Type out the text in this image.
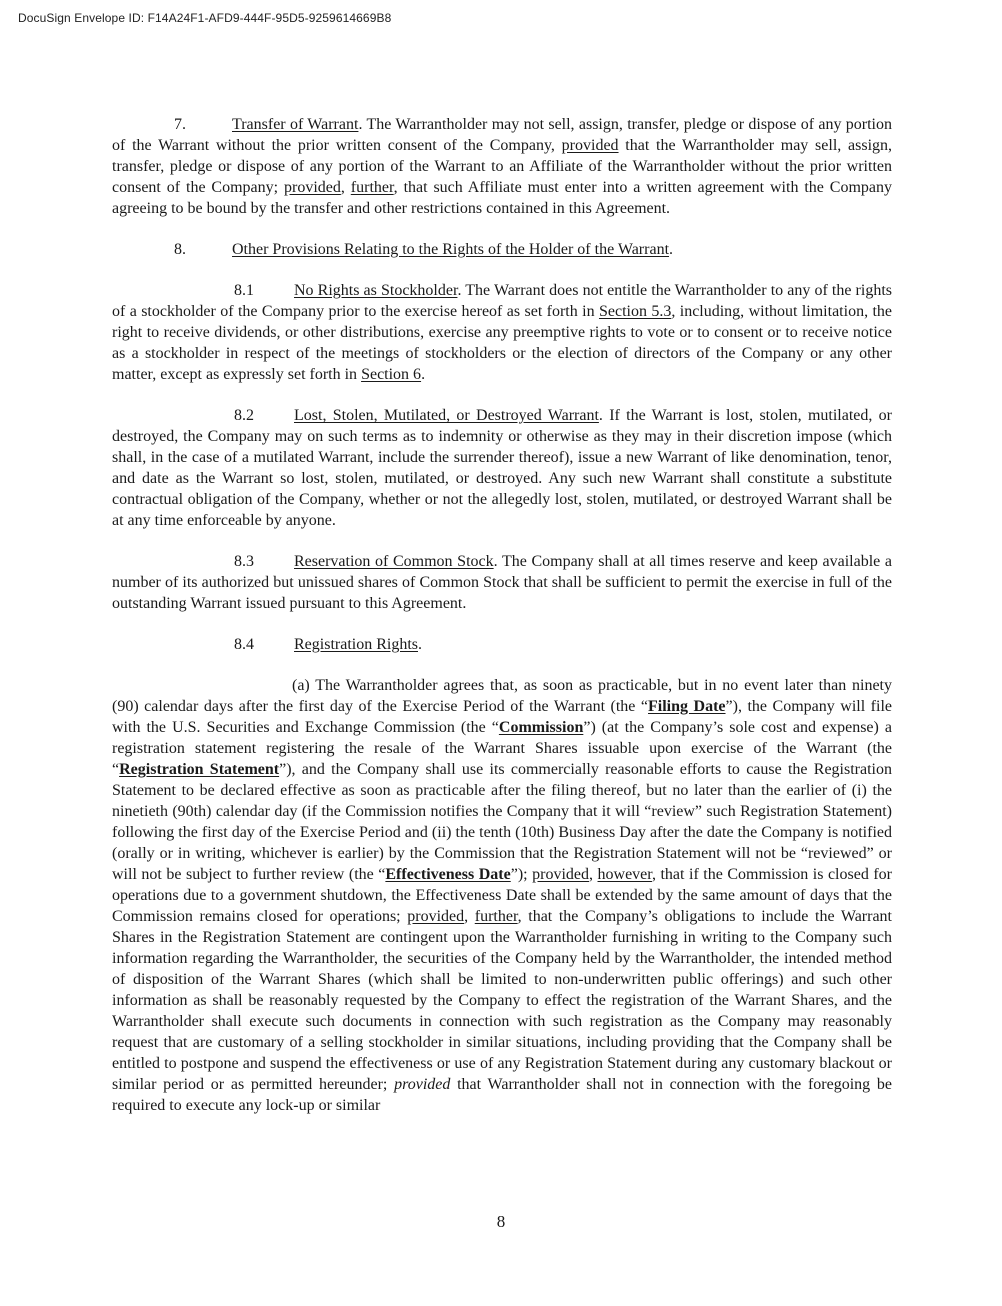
DocuSign Envelope ID: F14A24F1-AFD9-444F-95D5-9259614669B8

7.	Transfer of Warrant. The Warrantholder may not sell, assign, transfer, pledge or dispose of any portion of the Warrant without the prior written consent of the Company, provided that the Warrantholder may sell, assign, transfer, pledge or dispose of any portion of the Warrant to an Affiliate of the Warrantholder without the prior written consent of the Company; provided, further, that such Affiliate must enter into a written agreement with the Company agreeing to be bound by the transfer and other restrictions contained in this Agreement.

8.	Other Provisions Relating to the Rights of the Holder of the Warrant.

8.1	No Rights as Stockholder. The Warrant does not entitle the Warrantholder to any of the rights of a stockholder of the Company prior to the exercise hereof as set forth in Section 5.3, including, without limitation, the right to receive dividends, or other distributions, exercise any preemptive rights to vote or to consent or to receive notice as a stockholder in respect of the meetings of stockholders or the election of directors of the Company or any other matter, except as expressly set forth in Section 6.

8.2	Lost, Stolen, Mutilated, or Destroyed Warrant. If the Warrant is lost, stolen, mutilated, or destroyed, the Company may on such terms as to indemnity or otherwise as they may in their discretion impose (which shall, in the case of a mutilated Warrant, include the surrender thereof), issue a new Warrant of like denomination, tenor, and date as the Warrant so lost, stolen, mutilated, or destroyed. Any such new Warrant shall constitute a substitute contractual obligation of the Company, whether or not the allegedly lost, stolen, mutilated, or destroyed Warrant shall be at any time enforceable by anyone.

8.3	Reservation of Common Stock. The Company shall at all times reserve and keep available a number of its authorized but unissued shares of Common Stock that shall be sufficient to permit the exercise in full of the outstanding Warrant issued pursuant to this Agreement.

8.4	Registration Rights.

(a) The Warrantholder agrees that, as soon as practicable, but in no event later than ninety (90) calendar days after the first day of the Exercise Period of the Warrant (the “Filing Date”), the Company will file with the U.S. Securities and Exchange Commission (the “Commission”) (at the Company’s sole cost and expense) a registration statement registering the resale of the Warrant Shares issuable upon exercise of the Warrant (the “Registration Statement”), and the Company shall use its commercially reasonable efforts to cause the Registration Statement to be declared effective as soon as practicable after the filing thereof, but no later than the earlier of (i) the ninetieth (90th) calendar day (if the Commission notifies the Company that it will “review” such Registration Statement) following the first day of the Exercise Period and (ii) the tenth (10th) Business Day after the date the Company is notified (orally or in writing, whichever is earlier) by the Commission that the Registration Statement will not be “reviewed” or will not be subject to further review (the “Effectiveness Date”); provided, however, that if the Commission is closed for operations due to a government shutdown, the Effectiveness Date shall be extended by the same amount of days that the Commission remains closed for operations; provided, further, that the Company’s obligations to include the Warrant Shares in the Registration Statement are contingent upon the Warrantholder furnishing in writing to the Company such information regarding the Warrantholder, the securities of the Company held by the Warrantholder, the intended method of disposition of the Warrant Shares (which shall be limited to non-underwritten public offerings) and such other information as shall be reasonably requested by the Company to effect the registration of the Warrant Shares, and the Warrantholder shall execute such documents in connection with such registration as the Company may reasonably request that are customary of a selling stockholder in similar situations, including providing that the Company shall be entitled to postpone and suspend the effectiveness or use of any Registration Statement during any customary blackout or similar period or as permitted hereunder; provided that Warrantholder shall not in connection with the foregoing be required to execute any lock-up or similar

8
